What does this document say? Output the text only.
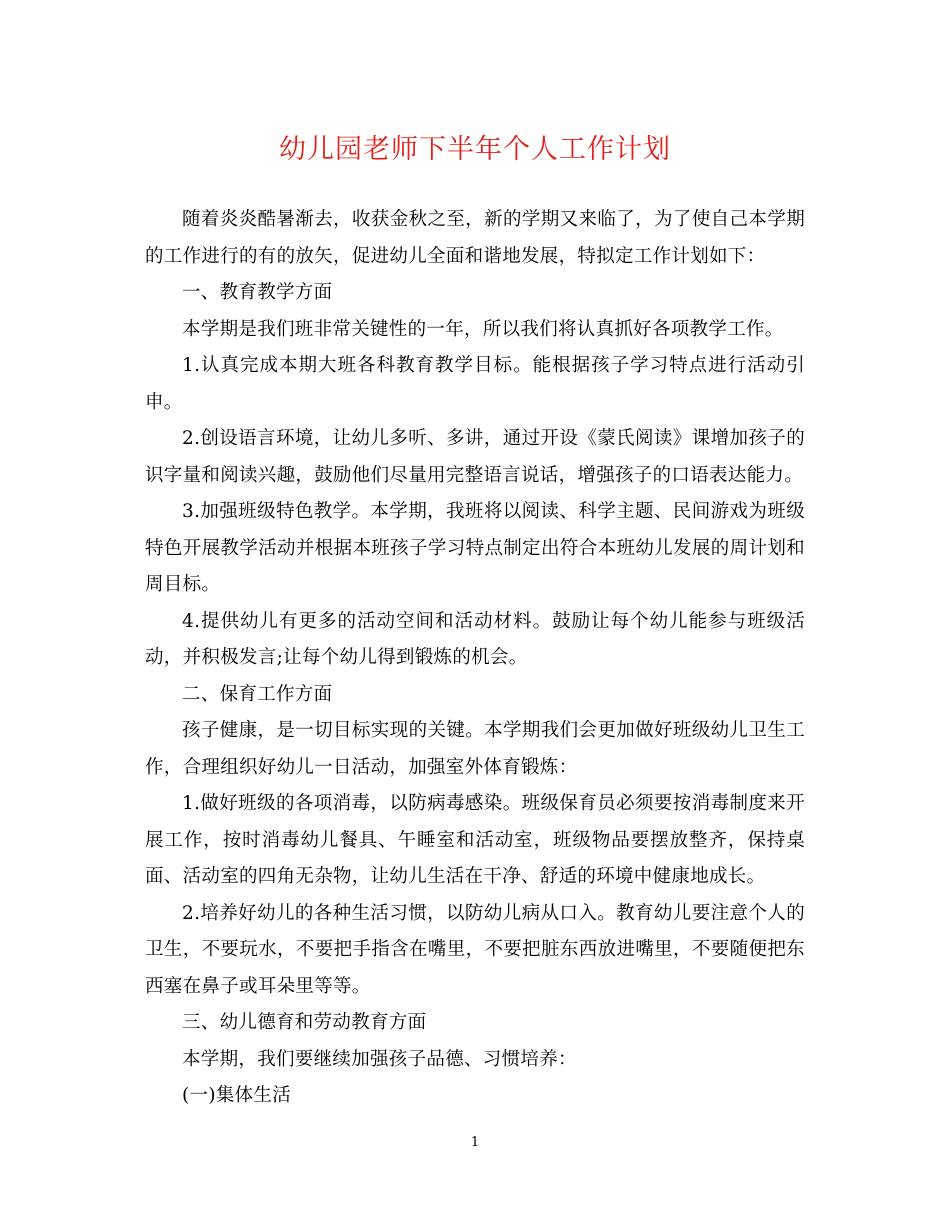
幼儿园老师下半年个人工作计划

随着炎炎酷暑渐去，收获金秋之至，新的学期又来临了，为了使自己本学期的工作进行的有的放矢，促进幼儿全面和谐地发展，特拟定工作计划如下：

一、教育教学方面

本学期是我们班非常关键性的一年，所以我们将认真抓好各项教学工作。

1.认真完成本期大班各科教育教学目标。能根据孩子学习特点进行活动引申。

2.创设语言环境，让幼儿多听、多讲，通过开设《蒙氏阅读》课增加孩子的识字量和阅读兴趣，鼓励他们尽量用完整语言说话，增强孩子的口语表达能力。

3.加强班级特色教学。本学期，我班将以阅读、科学主题、民间游戏为班级特色开展教学活动并根据本班孩子学习特点制定出符合本班幼儿发展的周计划和周目标。

4.提供幼儿有更多的活动空间和活动材料。鼓励让每个幼儿能参与班级活动，并积极发言;让每个幼儿得到锻炼的机会。

二、保育工作方面

孩子健康，是一切目标实现的关键。本学期我们会更加做好班级幼儿卫生工作，合理组织好幼儿一日活动，加强室外体育锻炼：

1.做好班级的各项消毒，以防病毒感染。班级保育员必须要按消毒制度来开展工作，按时消毒幼儿餐具、午睡室和活动室，班级物品要摆放整齐，保持桌面、活动室的四角无杂物，让幼儿生活在干净、舒适的环境中健康地成长。

2.培养好幼儿的各种生活习惯，以防幼儿病从口入。教育幼儿要注意个人的卫生，不要玩水，不要把手指含在嘴里，不要把脏东西放进嘴里，不要随便把东西塞在鼻子或耳朵里等等。

三、幼儿德育和劳动教育方面

本学期，我们要继续加强孩子品德、习惯培养：

(一)集体生活

1
